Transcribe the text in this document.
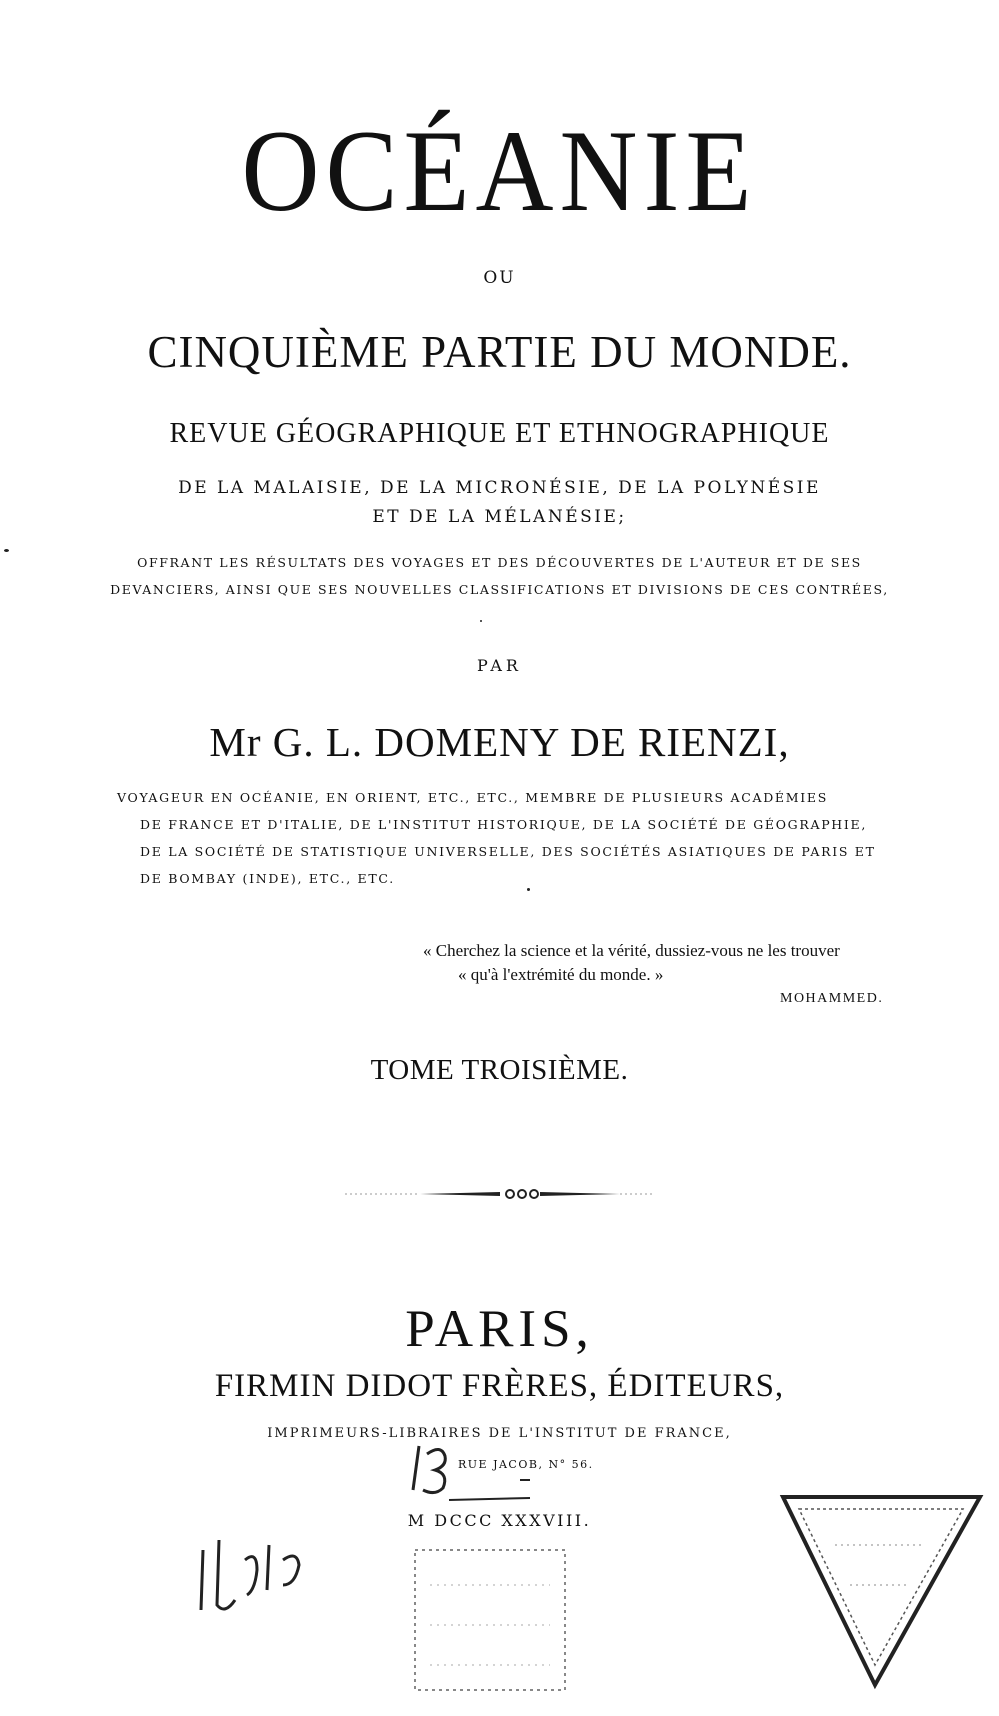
OCÉANIE
OU
CINQUIÈME PARTIE DU MONDE.
REVUE GÉOGRAPHIQUE ET ETHNOGRAPHIQUE
DE LA MALAISIE, DE LA MICRONÉSIE, DE LA POLYNÉSIE
ET DE LA MÉLANÉSIE;
OFFRANT LES RÉSULTATS DES VOYAGES ET DES DÉCOUVERTES DE L'AUTEUR ET DE SES
DEVANCIERS, AINSI QUE SES NOUVELLES CLASSIFICATIONS ET DIVISIONS DE CES CONTRÉES,
PAR
Mr G. L. DOMENY DE RIENZI,
VOYAGEUR EN OCÉANIE, EN ORIENT, ETC., ETC., MEMBRE DE PLUSIEURS ACADÉMIES
DE FRANCE ET D'ITALIE, DE L'INSTITUT HISTORIQUE, DE LA SOCIÉTÉ DE GÉOGRAPHIE,
DE LA SOCIÉTÉ DE STATISTIQUE UNIVERSELLE, DES SOCIÉTÉS ASIATIQUES DE PARIS ET
DE BOMBAY (INDE), ETC., ETC.
« Cherchez la science et la vérité, dussiez-vous ne les trouver
« qu'à l'extrémité du monde. »
MOHAMMED.
TOME TROISIÈME.
PARIS,
FIRMIN DIDOT FRÈRES, ÉDITEURS,
IMPRIMEURS-LIBRAIRES DE L'INSTITUT DE FRANCE,
RUE JACOB, N° 56.
M DCCC XXXVIII.
